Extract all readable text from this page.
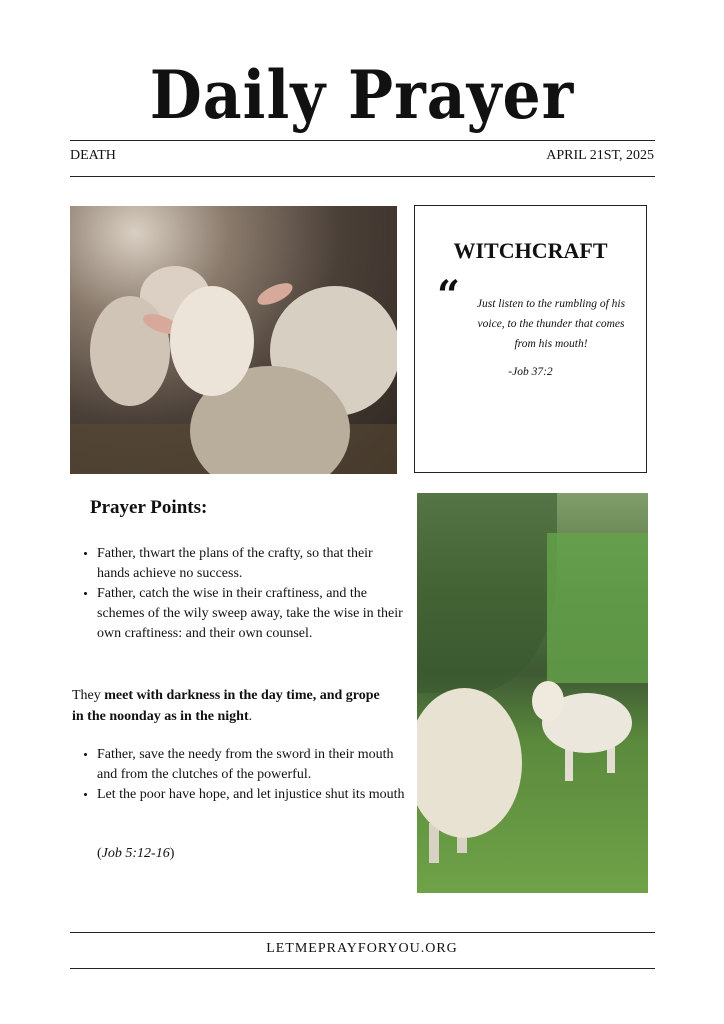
Daily Prayer
DEATH	APRIL 21ST, 2025
WITCHCRAFT
“ Just listen to the rumbling of his voice, to the thunder that comes from his mouth!
-Job 37:2
Prayer Points:
• Father, thwart the plans of the crafty, so that their hands achieve no success.
• Father, catch the wise in their craftiness, and the schemes of the wily sweep away, take the wise in their own craftiness: and their own counsel.
They meet with darkness in the day time, and grope in the noonday as in the night.
• Father, save the needy from the sword in their mouth and from the clutches of the powerful.
• Let the poor have hope, and let injustice shut its mouth
(Job 5:12-16)
LETMEPRAYFORYOU.ORG
